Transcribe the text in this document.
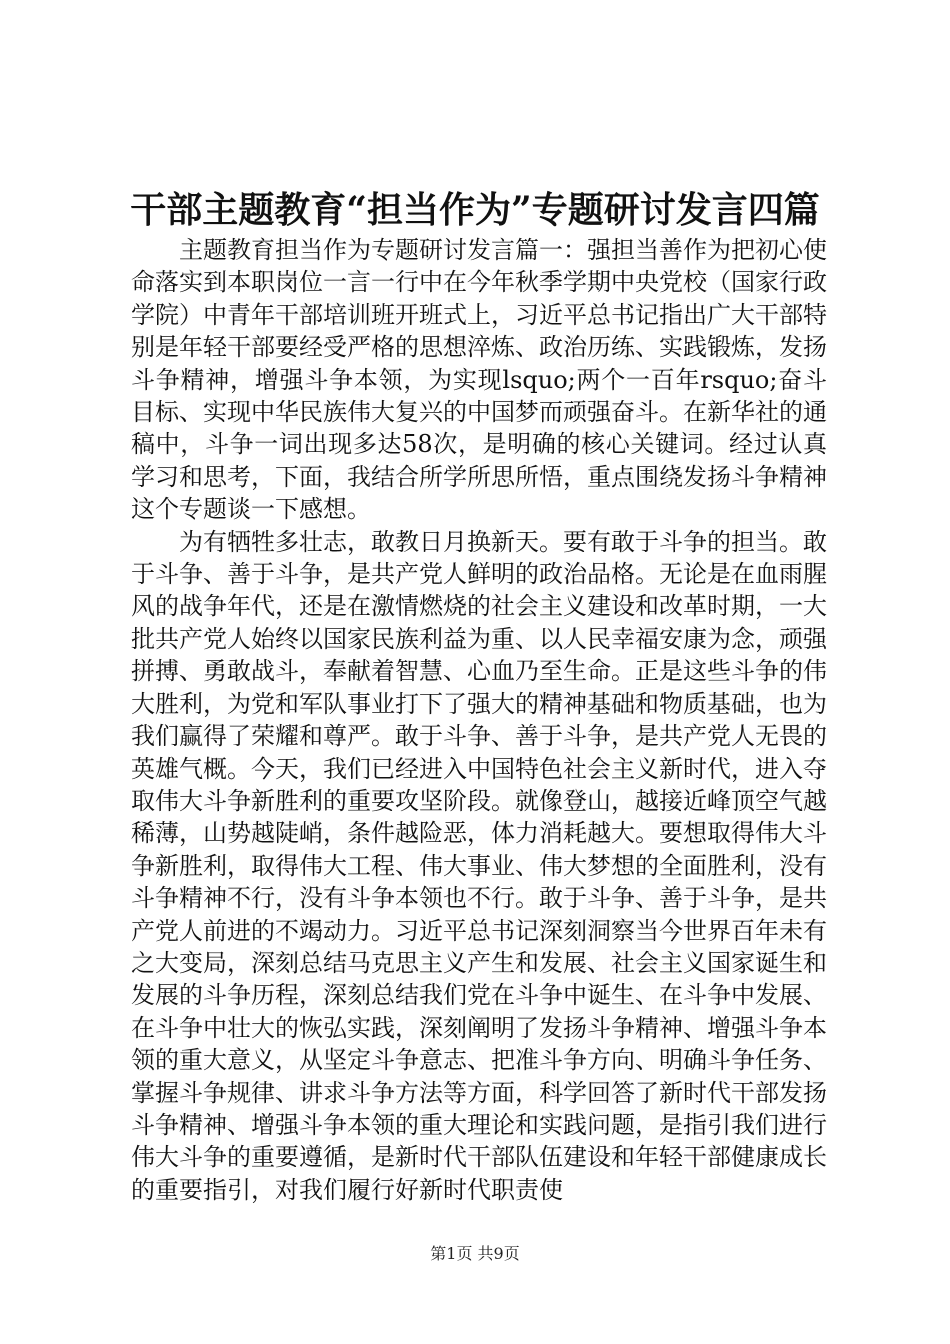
干部主题教育“担当作为”专题研讨发言四篇

主题教育担当作为专题研讨发言篇一：强担当善作为把初心使命落实到本职岗位一言一行中在今年秋季学期中央党校（国家行政学院）中青年干部培训班开班式上，习近平总书记指出广大干部特别是年轻干部要经受严格的思想淬炼、政治历练、实践锻炼，发扬斗争精神，增强斗争本领，为实现lsquo;两个一百年rsquo;奋斗目标、实现中华民族伟大复兴的中国梦而顽强奋斗。在新华社的通稿中，斗争一词出现多达58次，是明确的核心关键词。经过认真学习和思考，下面，我结合所学所思所悟，重点围绕发扬斗争精神这个专题谈一下感想。

为有牺牲多壮志，敢教日月换新天。要有敢于斗争的担当。敢于斗争、善于斗争，是共产党人鲜明的政治品格。无论是在血雨腥风的战争年代，还是在激情燃烧的社会主义建设和改革时期，一大批共产党人始终以国家民族利益为重、以人民幸福安康为念，顽强拼搏、勇敢战斗，奉献着智慧、心血乃至生命。正是这些斗争的伟大胜利，为党和军队事业打下了强大的精神基础和物质基础，也为我们赢得了荣耀和尊严。敢于斗争、善于斗争，是共产党人无畏的英雄气概。今天，我们已经进入中国特色社会主义新时代，进入夺取伟大斗争新胜利的重要攻坚阶段。就像登山，越接近峰顶空气越稀薄，山势越陡峭，条件越险恶，体力消耗越大。要想取得伟大斗争新胜利，取得伟大工程、伟大事业、伟大梦想的全面胜利，没有斗争精神不行，没有斗争本领也不行。敢于斗争、善于斗争，是共产党人前进的不竭动力。习近平总书记深刻洞察当今世界百年未有之大变局，深刻总结马克思主义产生和发展、社会主义国家诞生和发展的斗争历程，深刻总结我们党在斗争中诞生、在斗争中发展、在斗争中壮大的恢弘实践，深刻阐明了发扬斗争精神、增强斗争本领的重大意义，从坚定斗争意志、把准斗争方向、明确斗争任务、掌握斗争规律、讲求斗争方法等方面，科学回答了新时代干部发扬斗争精神、增强斗争本领的重大理论和实践问题，是指引我们进行伟大斗争的重要遵循，是新时代干部队伍建设和年轻干部健康成长的重要指引，对我们履行好新时代职责使

第1页 共9页
